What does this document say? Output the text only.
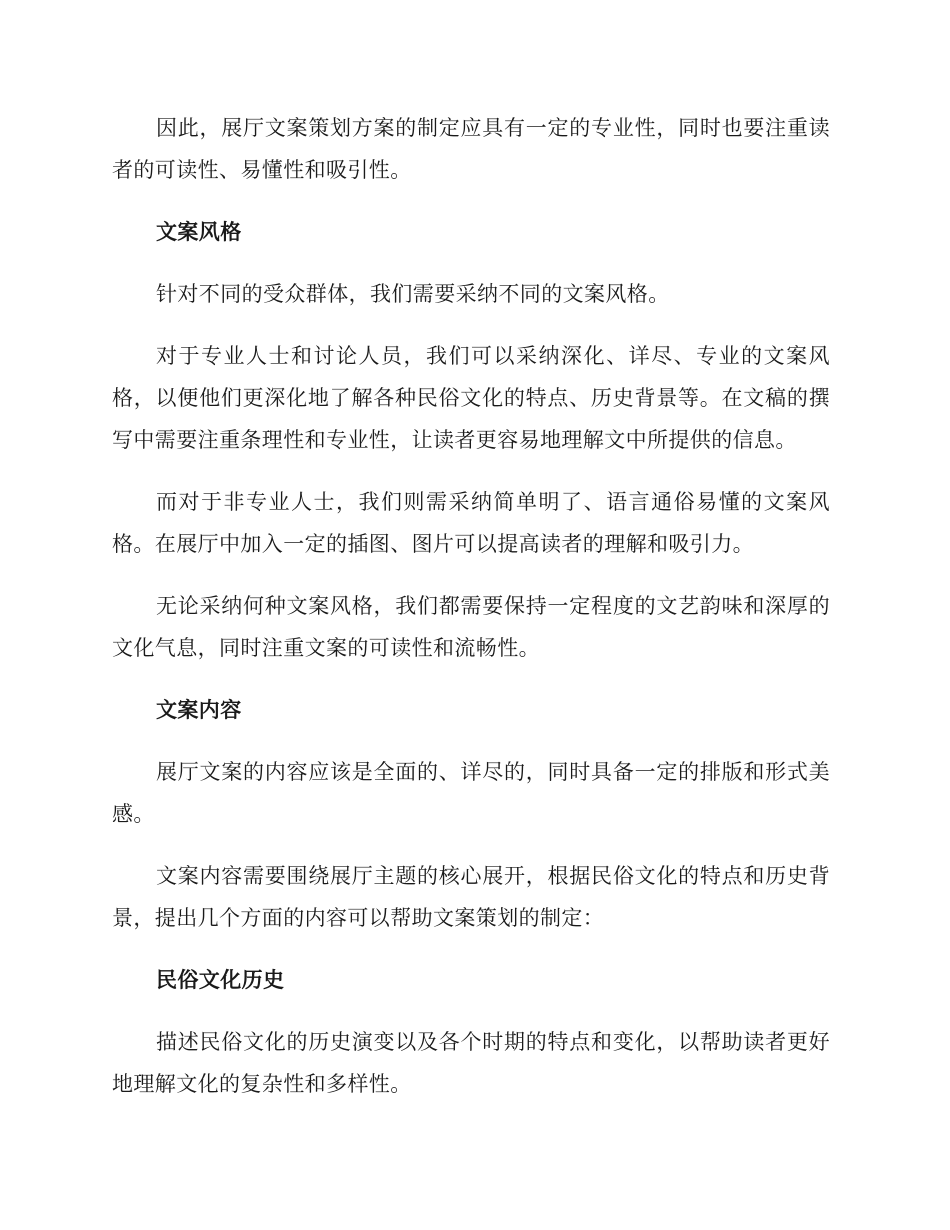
因此，展厅文案策划方案的制定应具有一定的专业性，同时也要注重读者的可读性、易懂性和吸引性。

文案风格

针对不同的受众群体，我们需要采纳不同的文案风格。

对于专业人士和讨论人员，我们可以采纳深化、详尽、专业的文案风格，以便他们更深化地了解各种民俗文化的特点、历史背景等。在文稿的撰写中需要注重条理性和专业性，让读者更容易地理解文中所提供的信息。

而对于非专业人士，我们则需采纳简单明了、语言通俗易懂的文案风格。在展厅中加入一定的插图、图片可以提高读者的理解和吸引力。

无论采纳何种文案风格，我们都需要保持一定程度的文艺韵味和深厚的文化气息，同时注重文案的可读性和流畅性。

文案内容

展厅文案的内容应该是全面的、详尽的，同时具备一定的排版和形式美感。

文案内容需要围绕展厅主题的核心展开，根据民俗文化的特点和历史背景，提出几个方面的内容可以帮助文案策划的制定：

民俗文化历史

描述民俗文化的历史演变以及各个时期的特点和变化，以帮助读者更好地理解文化的复杂性和多样性。
